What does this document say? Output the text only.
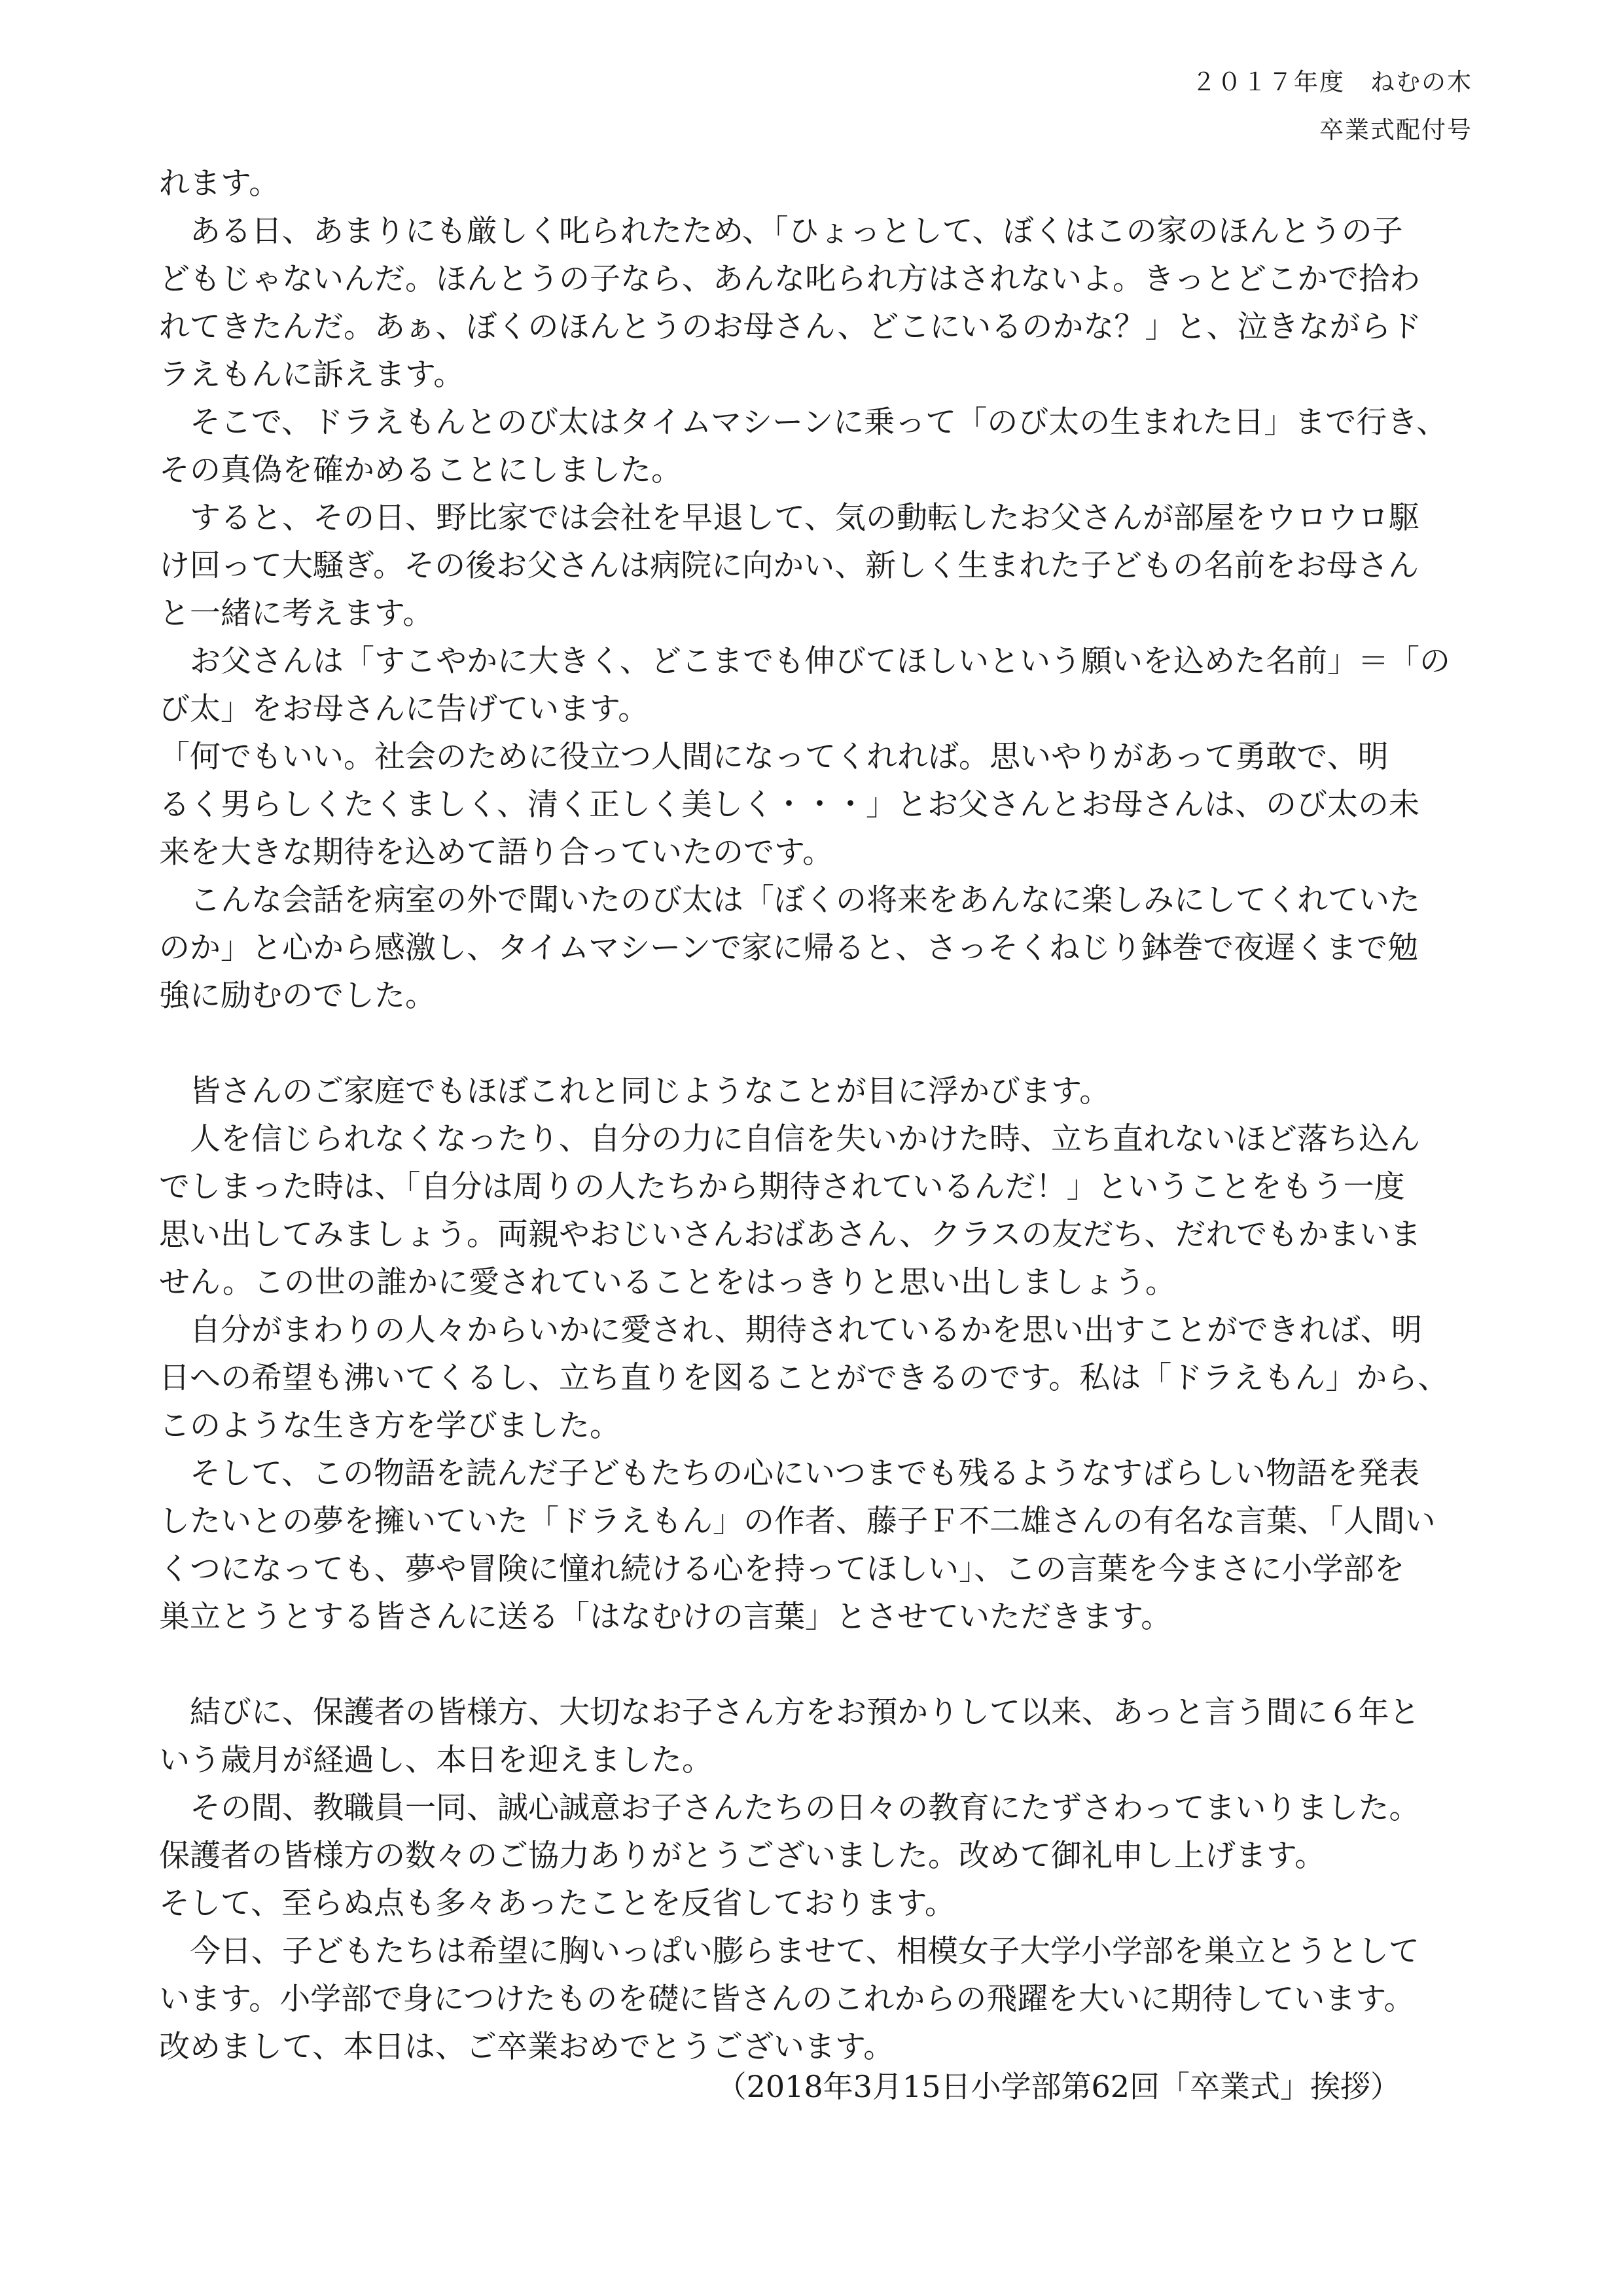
２０１７年度　ねむの木
卒業式配付号
れます。
　ある日、あまりにも厳しく叱られたため、「ひょっとして、ぼくはこの家のほんとうの子
どもじゃないんだ。ほんとうの子なら、あんな叱られ方はされないよ。きっとどこかで拾わ
れてきたんだ。あぁ、ぼくのほんとうのお母さん、どこにいるのかな？」と、泣きながらド
ラえもんに訴えます。
　そこで、ドラえもんとのび太はタイムマシーンに乗って「のび太の生まれた日」まで行き、
その真偽を確かめることにしました。
　すると、その日、野比家では会社を早退して、気の動転したお父さんが部屋をウロウロ駆
け回って大騒ぎ。その後お父さんは病院に向かい、新しく生まれた子どもの名前をお母さん
と一緒に考えます。
　お父さんは「すこやかに大きく、どこまでも伸びてほしいという願いを込めた名前」＝「の
び太」をお母さんに告げています。
「何でもいい。社会のために役立つ人間になってくれれば。思いやりがあって勇敢で、明
るく男らしくたくましく、清く正しく美しく・・・」とお父さんとお母さんは、のび太の未
来を大きな期待を込めて語り合っていたのです。
　こんな会話を病室の外で聞いたのび太は「ぼくの将来をあんなに楽しみにしてくれていた
のか」と心から感激し、タイムマシーンで家に帰ると、さっそくねじり鉢巻で夜遅くまで勉
強に励むのでした。
　皆さんのご家庭でもほぼこれと同じようなことが目に浮かびます。
　人を信じられなくなったり、自分の力に自信を失いかけた時、立ち直れないほど落ち込ん
でしまった時は、「自分は周りの人たちから期待されているんだ！」ということをもう一度
思い出してみましょう。両親やおじいさんおばあさん、クラスの友だち、だれでもかまいま
せん。この世の誰かに愛されていることをはっきりと思い出しましょう。
　自分がまわりの人々からいかに愛され、期待されているかを思い出すことができれば、明
日への希望も沸いてくるし、立ち直りを図ることができるのです。私は「ドラえもん」から、
このような生き方を学びました。
　そして、この物語を読んだ子どもたちの心にいつまでも残るようなすばらしい物語を発表
したいとの夢を擁いていた「ドラえもん」の作者、藤子Ｆ不二雄さんの有名な言葉、「人間い
くつになっても、夢や冒険に憧れ続ける心を持ってほしい」、この言葉を今まさに小学部を
巣立とうとする皆さんに送る「はなむけの言葉」とさせていただきます。
　結びに、保護者の皆様方、大切なお子さん方をお預かりして以来、あっと言う間に６年と
いう歳月が経過し、本日を迎えました。
　その間、教職員一同、誠心誠意お子さんたちの日々の教育にたずさわってまいりました。
保護者の皆様方の数々のご協力ありがとうございました。改めて御礼申し上げます。
そして、至らぬ点も多々あったことを反省しております。
　今日、子どもたちは希望に胸いっぱい膨らませて、相模女子大学小学部を巣立とうとして
います。小学部で身につけたものを礎に皆さんのこれからの飛躍を大いに期待しています。
改めまして、本日は、ご卒業おめでとうございます。
（2018年3月15日小学部第62回「卒業式」挨拶）
